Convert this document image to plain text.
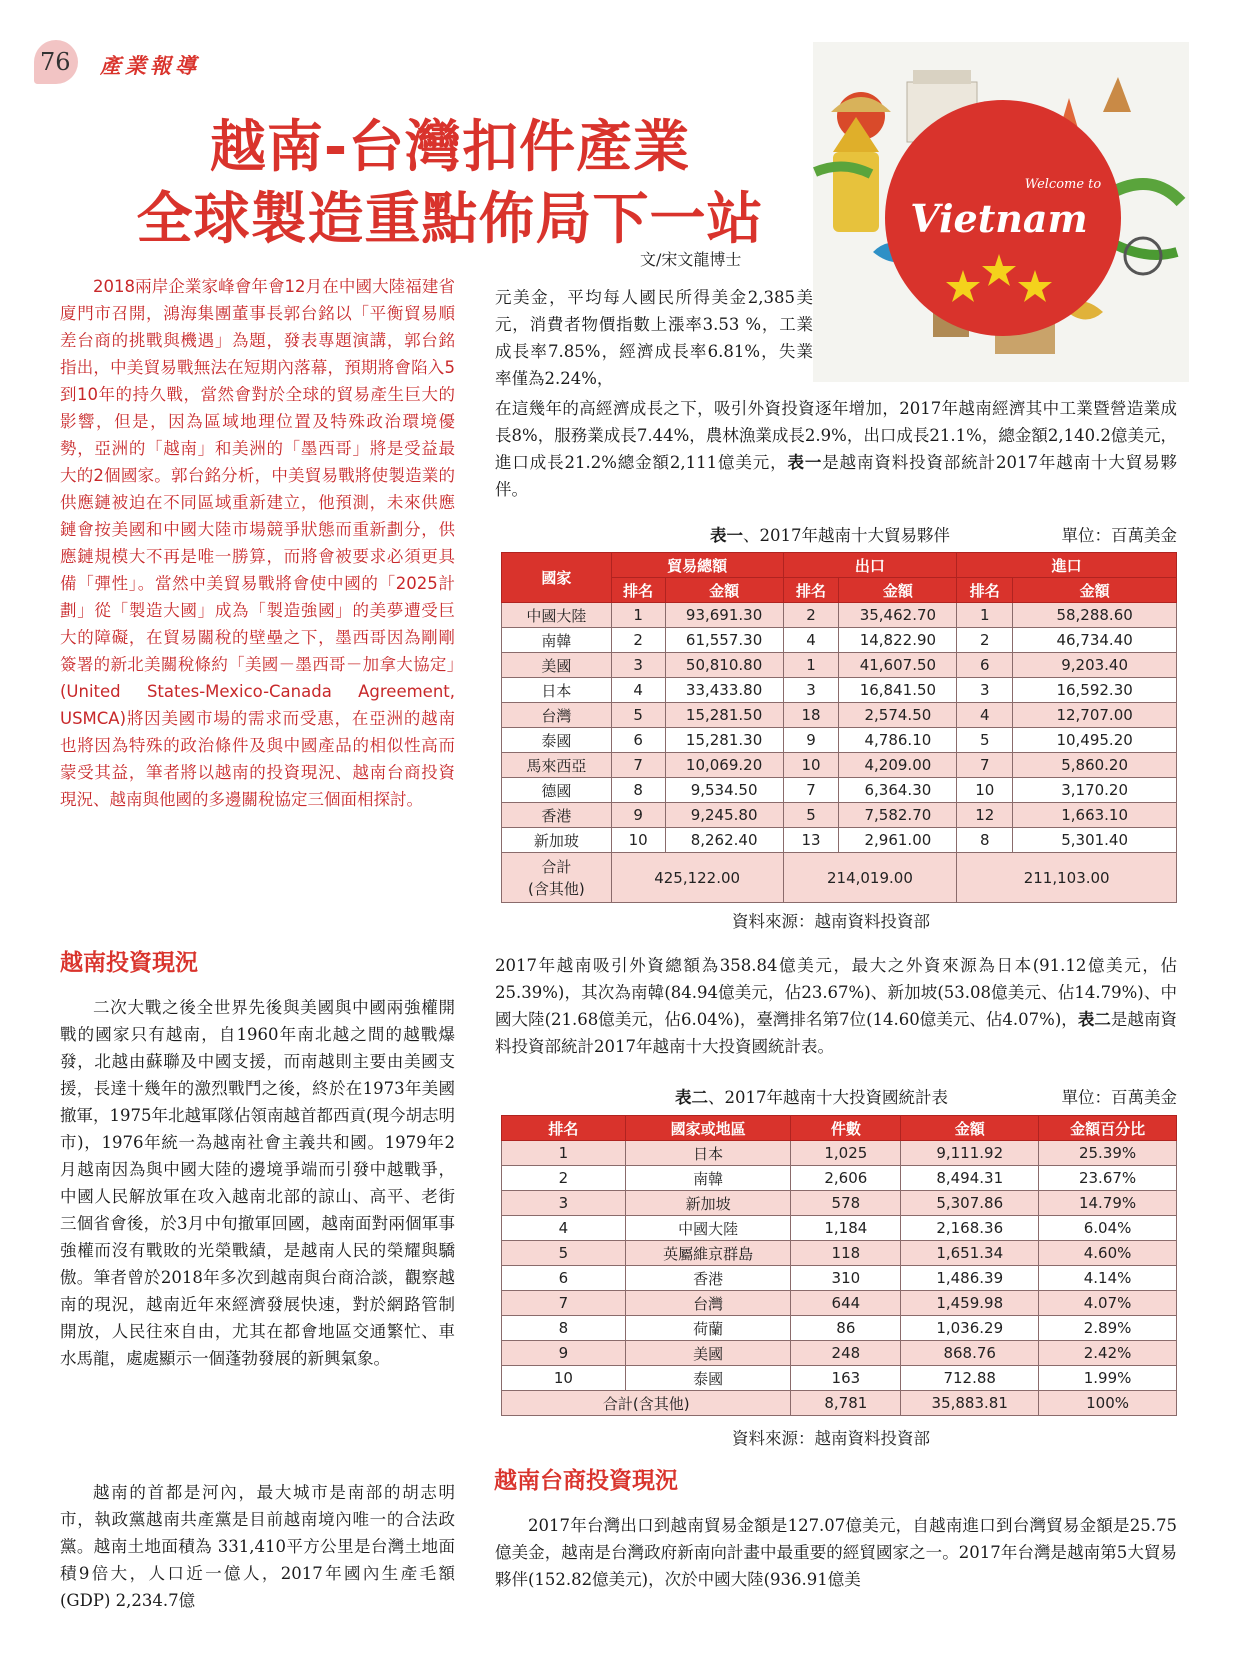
76 產業報導
越南-台灣扣件產業
全球製造重點佈局下一站
文/宋文龍博士
Welcome to
Vietnam
2018兩岸企業家峰會年會12月在中國大陸福建省廈門市召開，鴻海集團董事長郭台銘以「平衡貿易順差台商的挑戰與機遇」為題，發表專題演講，郭台銘指出，中美貿易戰無法在短期內落幕，預期將會陷入5到10年的持久戰，當然會對於全球的貿易產生巨大的影響，但是，因為區域地理位置及特殊政治環境優勢，亞洲的「越南」和美洲的「墨西哥」將是受益最大的2個國家。郭台銘分析，中美貿易戰將使製造業的供應鏈被迫在不同區域重新建立，他預測，未來供應鏈會按美國和中國大陸市場競爭狀態而重新劃分，供應鏈規模大不再是唯一勝算，而將會被要求必須更具備「彈性」。當然中美貿易戰將會使中國的「2025計劃」從「製造大國」成為「製造強國」的美夢遭受巨大的障礙，在貿易關稅的壁壘之下，墨西哥因為剛剛簽署的新北美關稅條約「美國－墨西哥－加拿大協定」(United States-Mexico-Canada Agreement, USMCA)將因美國市場的需求而受惠，在亞洲的越南也將因為特殊的政治條件及與中國產品的相似性高而蒙受其益，筆者將以越南的投資現況、越南台商投資現況、越南與他國的多邊關稅協定三個面相探討。
越南投資現況
二次大戰之後全世界先後與美國與中國兩強權開戰的國家只有越南，自1960年南北越之間的越戰爆發，北越由蘇聯及中國支援，而南越則主要由美國支援，長達十幾年的激烈戰鬥之後，終於在1973年美國撤軍，1975年北越軍隊佔領南越首都西貢(現今胡志明市)，1976年統一為越南社會主義共和國。1979年2月越南因為與中國大陸的邊境爭端而引發中越戰爭，中國人民解放軍在攻入越南北部的諒山、高平、老街三個省會後，於3月中旬撤軍回國，越南面對兩個軍事強權而沒有戰敗的光榮戰績，是越南人民的榮耀與驕傲。筆者曾於2018年多次到越南與台商洽談，觀察越南的現況，越南近年來經濟發展快速，對於網路管制開放，人民往來自由，尤其在都會地區交通繁忙、車水馬龍，處處顯示一個蓬勃發展的新興氣象。
越南的首都是河內，最大城市是南部的胡志明市，執政黨越南共產黨是目前越南境內唯一的合法政黨。越南土地面積為 331,410平方公里是台灣土地面積9倍大，人口近一億人，2017年國內生產毛額(GDP) 2,234.7億
元美金，平均每人國民所得美金2,385美元，消費者物價指數上漲率3.53 %，工業成長率7.85%，經濟成長率6.81%，失業率僅為2.24%，
在這幾年的高經濟成長之下，吸引外資投資逐年增加，2017年越南經濟其中工業暨營造業成長8%，服務業成長7.44%，農林漁業成長2.9%，出口成長21.1%，總金額2,140.2億美元，進口成長21.2%總金額2,111億美元，表一是越南資料投資部統計2017年越南十大貿易夥伴。
表一、2017年越南十大貿易夥伴	單位：百萬美金
國家	貿易總額		出口		進口	
	排名	金額	排名	金額	排名	金額
中國大陸	1	93,691.30	2	35,462.70	1	58,288.60
南韓	2	61,557.30	4	14,822.90	2	46,734.40
美國	3	50,810.80	1	41,607.50	6	9,203.40
日本	4	33,433.80	3	16,841.50	3	16,592.30
台灣	5	15,281.50	18	2,574.50	4	12,707.00
泰國	6	15,281.30	9	4,786.10	5	10,495.20
馬來西亞	7	10,069.20	10	4,209.00	7	5,860.20
德國	8	9,534.50	7	6,364.30	10	3,170.20
香港	9	9,245.80	5	7,582.70	12	1,663.10
新加玻	10	8,262.40	13	2,961.00	8	5,301.40

合計
(含其他)	425,122.00		214,019.00		211,103.00	
資料來源：越南資料投資部
2017年越南吸引外資總額為358.84億美元，最大之外資來源為日本(91.12億美元，佔25.39%)，其次為南韓(84.94億美元，佔23.67%)、新加坡(53.08億美元、佔14.79%)、中國大陸(21.68億美元，佔6.04%)，臺灣排名第7位(14.60億美元、佔4.07%)，表二是越南資料投資部統計2017年越南十大投資國統計表。
表二、2017年越南十大投資國統計表	單位：百萬美金
排名	國家或地區	件數	金額	金額百分比
1	日本	1,025	9,111.92	25.39%
2	南韓	2,606	8,494.31	23.67%
3	新加坡	578	5,307.86	14.79%
4	中國大陸	1,184	2,168.36	6.04%
5	英屬維京群島	118	1,651.34	4.60%
6	香港	310	1,486.39	4.14%
7	台灣	644	1,459.98	4.07%
8	荷蘭	86	1,036.29	2.89%
9	美國	248	868.76	2.42%
10	泰國	163	712.88	1.99%
合計(含其他)		8,781	35,883.81	100%
資料來源：越南資料投資部
越南台商投資現況
2017年台灣出口到越南貿易金額是127.07億美元，自越南進口到台灣貿易金額是25.75億美金，越南是台灣政府新南向計畫中最重要的經貿國家之一。2017年台灣是越南第5大貿易夥伴(152.82億美元)，次於中國大陸(936.91億美
